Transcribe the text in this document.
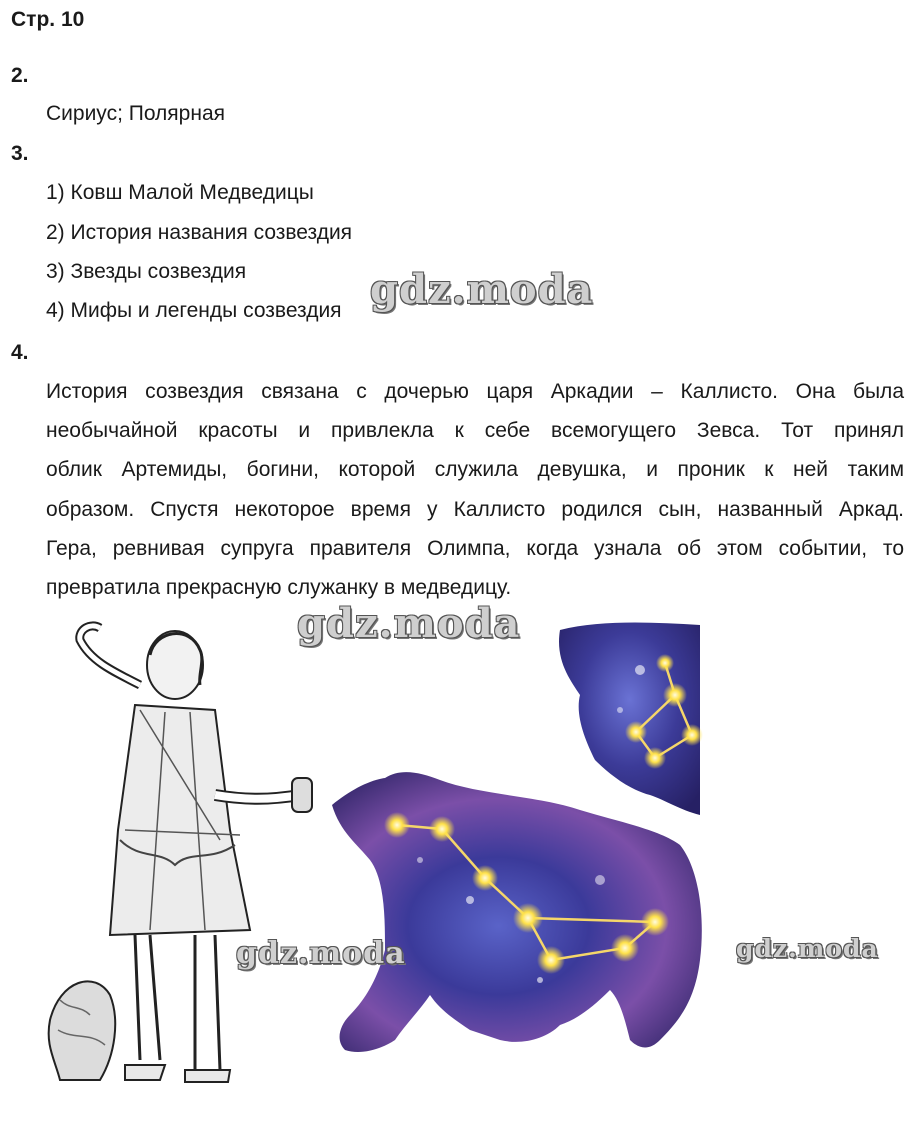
Стр. 10
2.
Сириус; Полярная
3.
1) Ковш Малой Медведицы
2) История названия созвездия
3) Звезды созвездия
4) Мифы и легенды созвездия
4.

История созвездия связана с дочерью царя Аркадии – Каллисто. Она была

необычайной красоты и привлекла к себе всемогущего Зевса. Тот принял

облик Артемиды, богини, которой служила девушка, и проник к ней таким

образом. Спустя некоторое время у Каллисто родился сын, названный Аркад.

Гера, ревнивая супруга правителя Олимпа, когда узнала об этом событии, то

превратила прекрасную служанку в медведицу.

gdz.moda
gdz.moda
gdz.moda	gdz.moda
